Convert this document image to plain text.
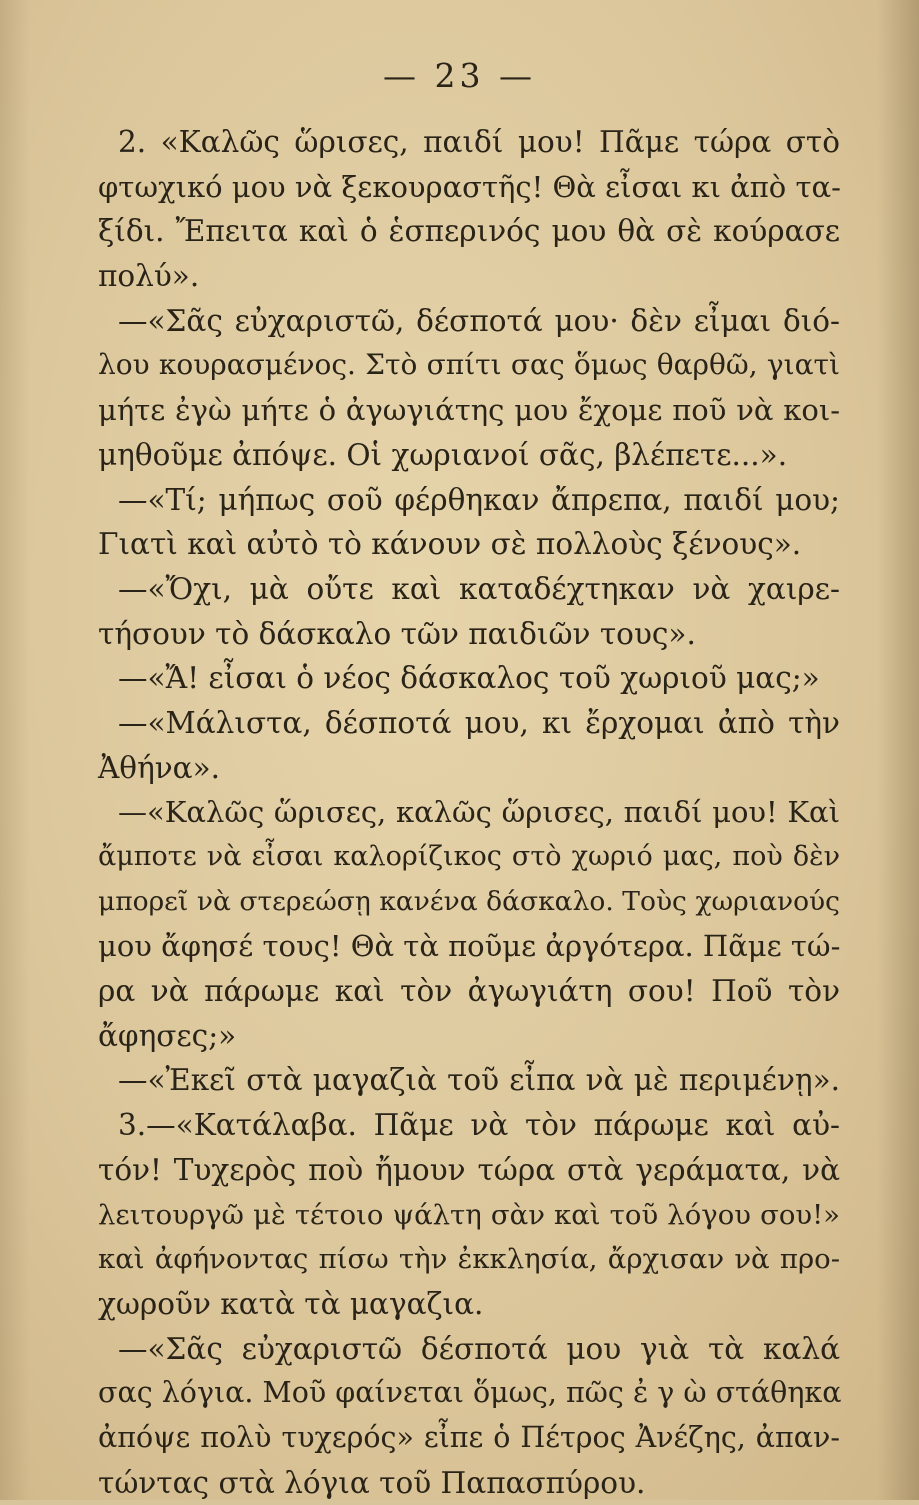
— 23 —
2. «Καλῶς ὥρισες, παιδί μου! Πᾶμε τώρα στὸ
φτωχικό μου νὰ ξεκουραστῆς! Θὰ εἶσαι κι ἀπὸ τα-
ξίδι. Ἔπειτα καὶ ὁ ἑσπερινός μου θὰ σὲ κούρασε
πολύ».
—«Σᾶς εὐχαριστῶ, δέσποτά μου· δὲν εἶμαι διό-
λου κουρασμένος. Στὸ σπίτι σας ὅμως θαρθῶ, γιατὶ
μήτε ἐγὼ μήτε ὁ ἀγωγιάτης μου ἔχομε ποῦ νὰ κοι-
μηθοῦμε ἀπόψε. Οἱ χωριανοί σᾶς, βλέπετε...».
—«Τί; μήπως σοῦ φέρθηκαν ἄπρεπα, παιδί μου;
Γιατὶ καὶ αὐτὸ τὸ κάνουν σὲ πολλοὺς ξένους».
—«Ὄχι, μὰ οὔτε καὶ καταδέχτηκαν νὰ χαιρε-
τήσουν τὸ δάσκαλο τῶν παιδιῶν τους».
—«Ἄ! εἶσαι ὁ νέος δάσκαλος τοῦ χωριοῦ μας;»
—«Μάλιστα, δέσποτά μου, κι ἔρχομαι ἀπὸ τὴν
Ἀθήνα».
—«Καλῶς ὥρισες, καλῶς ὥρισες, παιδί μου! Καὶ
ἄμποτε νὰ εἶσαι καλορίζικος στὸ χωριό μας, ποὺ δὲν
μπορεῖ νὰ στερεώσῃ κανένα δάσκαλο. Τοὺς χωριανούς
μου ἄφησέ τους! Θὰ τὰ ποῦμε ἀργότερα. Πᾶμε τώ-
ρα νὰ πάρωμε καὶ τὸν ἀγωγιάτη σου! Ποῦ τὸν
ἄφησες;»
—«Ἐκεῖ στὰ μαγαζιὰ τοῦ εἶπα νὰ μὲ περιμένῃ».
3.—«Κατάλαβα. Πᾶμε νὰ τὸν πάρωμε καὶ αὐ-
τόν! Τυχερὸς ποὺ ἤμουν τώρα στὰ γεράματα, νὰ
λειτουργῶ μὲ τέτοιο ψάλτη σὰν καὶ τοῦ λόγου σου!»
καὶ ἀφήνοντας πίσω τὴν ἐκκλησία, ἄρχισαν νὰ προ-
χωροῦν κατὰ τὰ μαγαζια.
—«Σᾶς εὐχαριστῶ δέσποτά μου γιὰ τὰ καλά
σας λόγια. Μοῦ φαίνεται ὅμως, πῶς ἐ γ ὼ στάθηκα
ἀπόψε πολὺ τυχερός» εἶπε ὁ Πέτρος Ἀνέζης, ἀπαν-
τώντας στὰ λόγια τοῦ Παπασπύρου.
